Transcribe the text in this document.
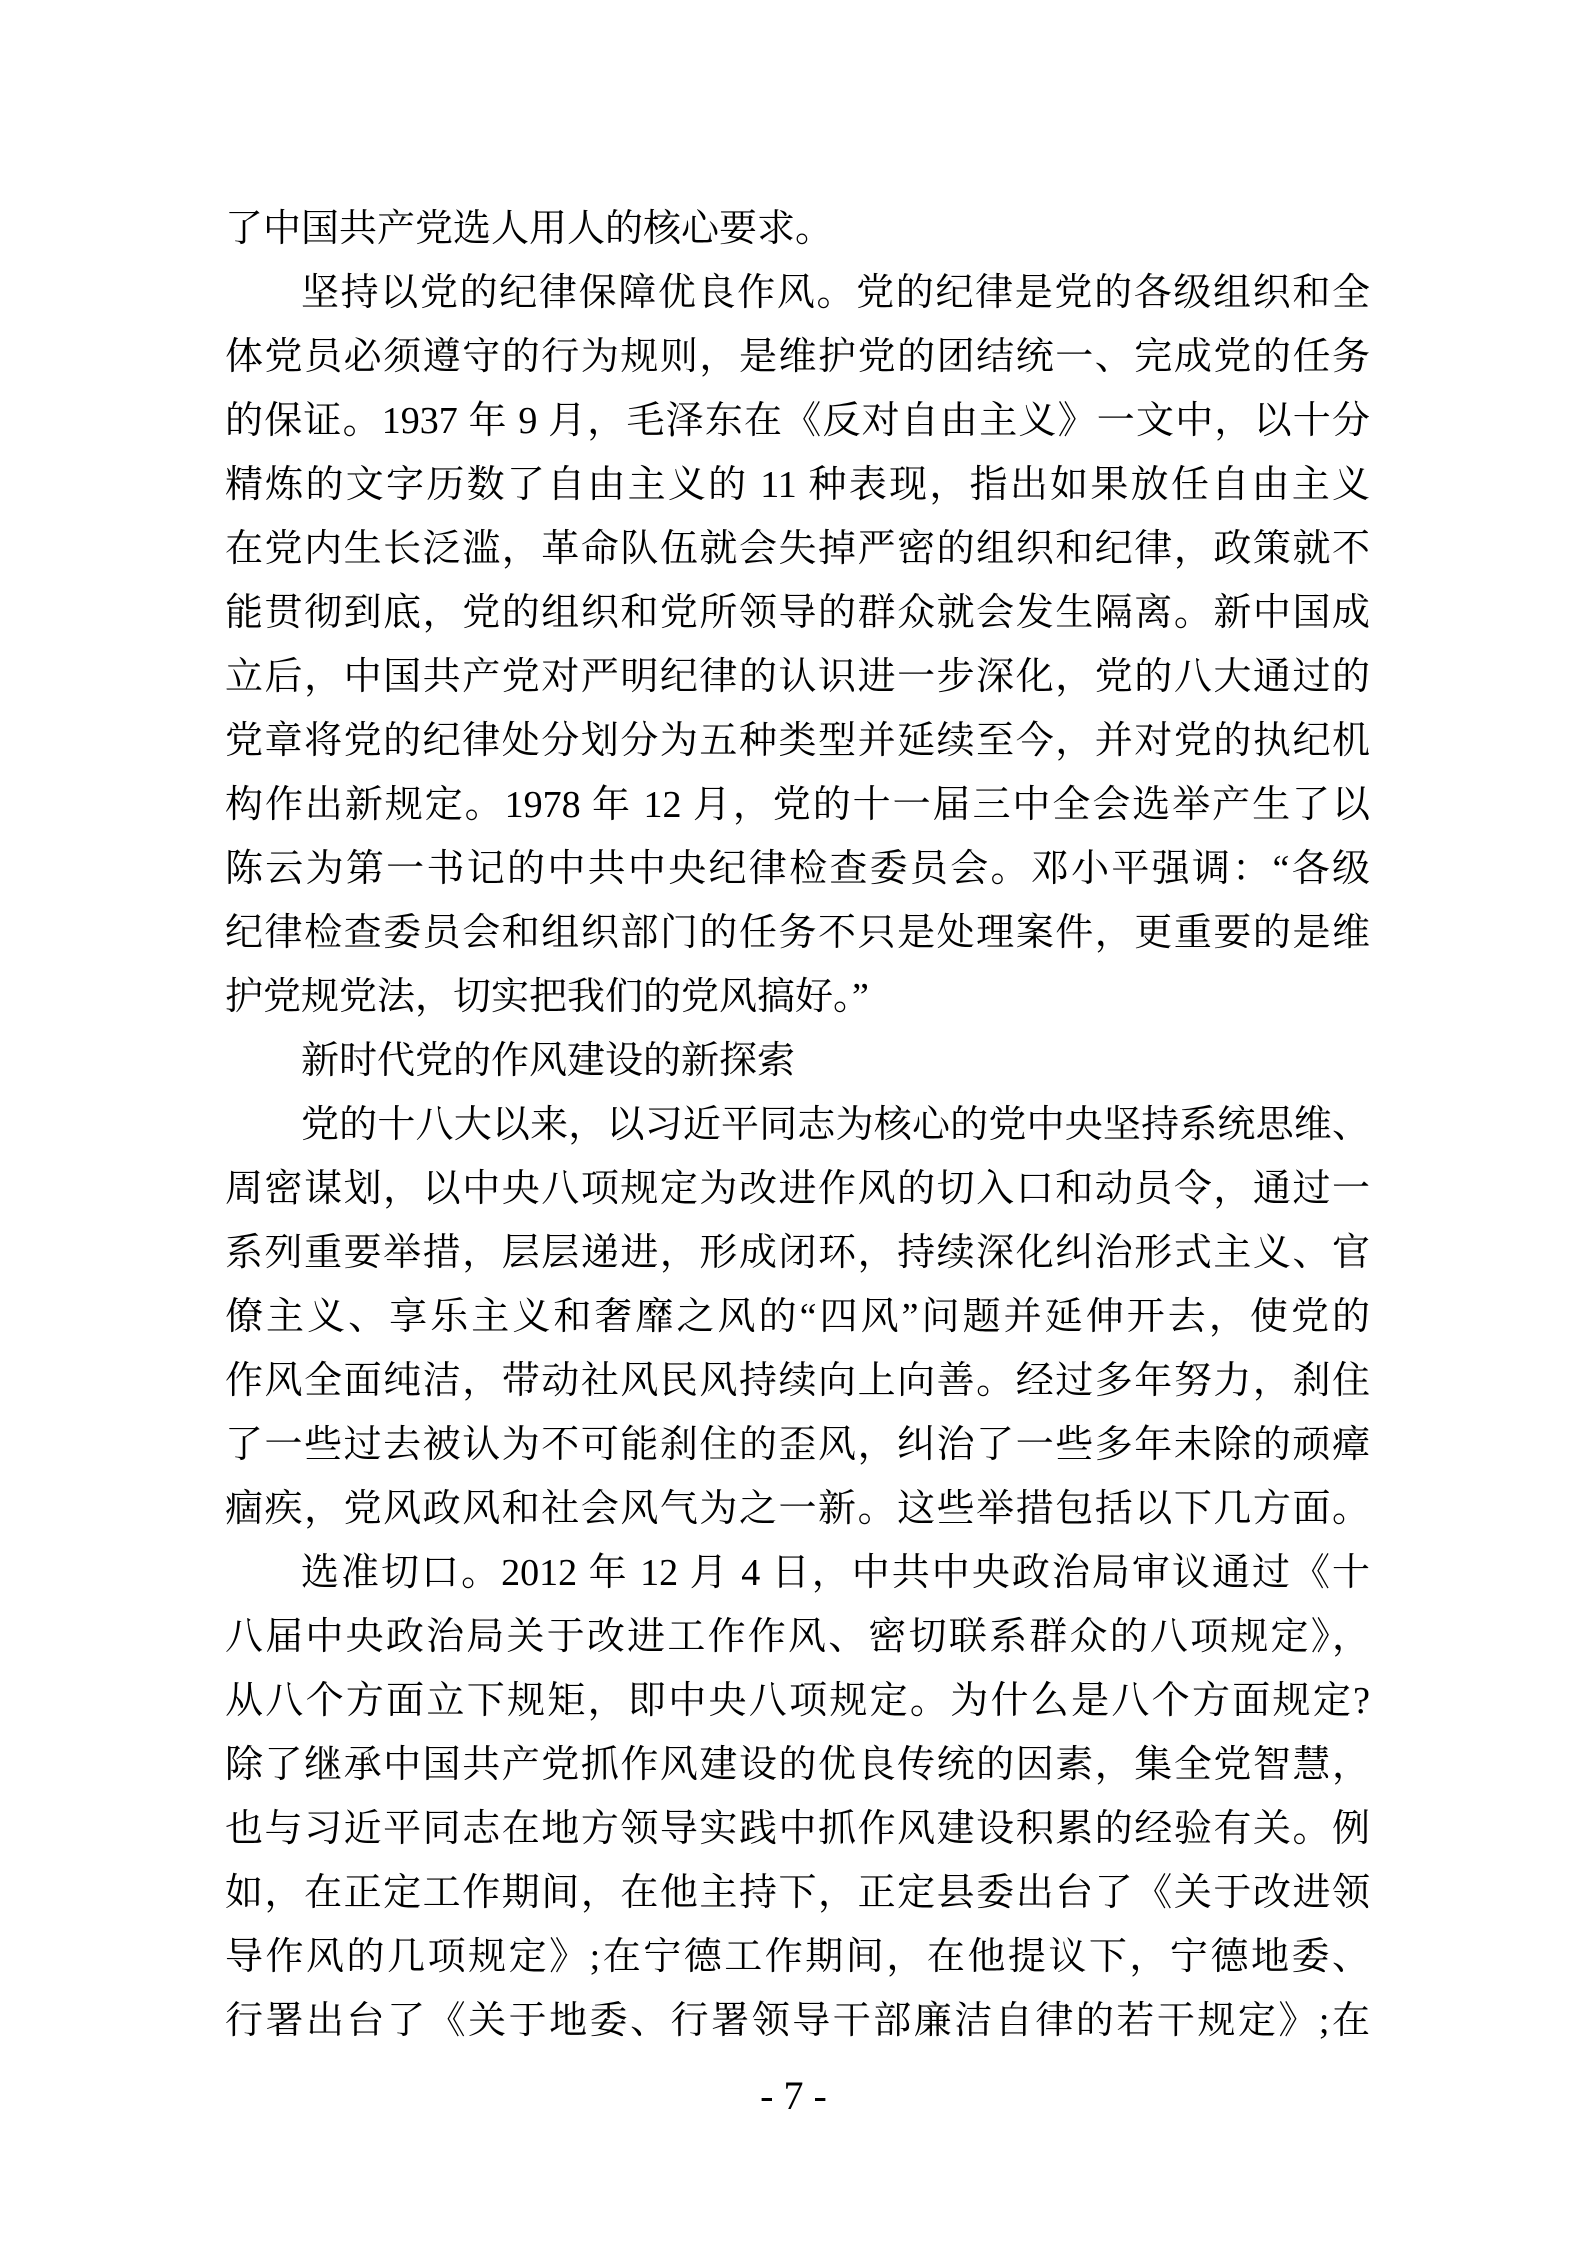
了中国共产党选人用人的核心要求。
坚持以党的纪律保障优良作风。党的纪律是党的各级组织和全
体党员必须遵守的行为规则，是维护党的团结统一、完成党的任务
的保证。1937 年 9 月，毛泽东在《反对自由主义》一文中，以十分
精炼的文字历数了自由主义的 11 种表现，指出如果放任自由主义
在党内生长泛滥，革命队伍就会失掉严密的组织和纪律，政策就不
能贯彻到底，党的组织和党所领导的群众就会发生隔离。新中国成
立后，中国共产党对严明纪律的认识进一步深化，党的八大通过的
党章将党的纪律处分划分为五种类型并延续至今，并对党的执纪机
构作出新规定。1978 年 12 月，党的十一届三中全会选举产生了以
陈云为第一书记的中共中央纪律检查委员会。邓小平强调：“各级
纪律检查委员会和组织部门的任务不只是处理案件，更重要的是维
护党规党法，切实把我们的党风搞好。”
新时代党的作风建设的新探索
党的十八大以来，以习近平同志为核心的党中央坚持系统思维、
周密谋划，以中央八项规定为改进作风的切入口和动员令，通过一
系列重要举措，层层递进，形成闭环，持续深化纠治形式主义、官
僚主义、享乐主义和奢靡之风的“四风”问题并延伸开去，使党的
作风全面纯洁，带动社风民风持续向上向善。经过多年努力，刹住
了一些过去被认为不可能刹住的歪风，纠治了一些多年未除的顽瘴
痼疾，党风政风和社会风气为之一新。这些举措包括以下几方面。
选准切口。2012 年 12 月 4 日，中共中央政治局审议通过《十
八届中央政治局关于改进工作作风、密切联系群众的八项规定》，
从八个方面立下规矩，即中央八项规定。为什么是八个方面规定?
除了继承中国共产党抓作风建设的优良传统的因素，集全党智慧，
也与习近平同志在地方领导实践中抓作风建设积累的经验有关。例
如，在正定工作期间，在他主持下，正定县委出台了《关于改进领
导作风的几项规定》;在宁德工作期间，在他提议下，宁德地委、
行署出台了《关于地委、行署领导干部廉洁自律的若干规定》;在
- 7 -
